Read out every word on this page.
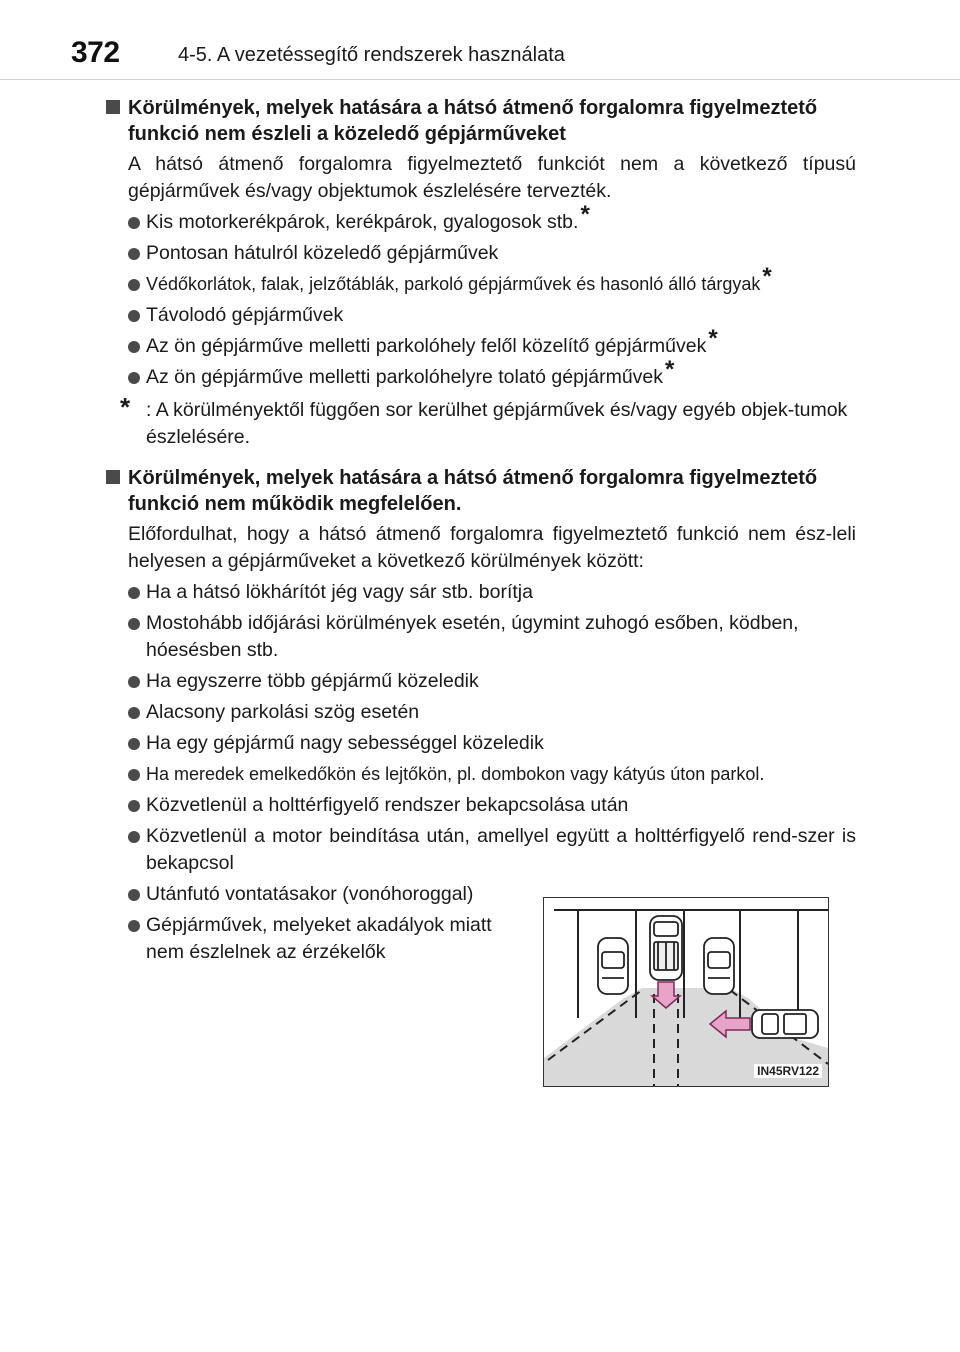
372	4-5. A vezetéssegítő rendszerek használata
Körülmények, melyek hatására a hátsó átmenő forgalomra figyelmeztető
funkció nem észleli a közeledő gépjárműveket
A hátsó átmenő forgalomra figyelmeztető funkciót nem a következő típusú gépjárművek és/vagy objektumok észlelésére tervezték.
Kis motorkerékpárok, kerékpárok, gyalogosok stb.*
Pontosan hátulról közeledő gépjárművek
Védőkorlátok, falak, jelzőtáblák, parkoló gépjárművek és hasonló álló tárgyak*
Távolodó gépjárművek
Az ön gépjárműve melletti parkolóhely felől közelítő gépjárművek*
Az ön gépjárműve melletti parkolóhelyre tolató gépjárművek*
* : A körülményektől függően sor kerülhet gépjárművek és/vagy egyéb objek-tumok észlelésére.
Körülmények, melyek hatására a hátsó átmenő forgalomra figyelmeztető
funkció nem működik megfelelően.
Előfordulhat, hogy a hátsó átmenő forgalomra figyelmeztető funkció nem ész-leli helyesen a gépjárműveket a következő körülmények között:
Ha a hátsó lökhárítót jég vagy sár stb. borítja
Mostohább időjárási körülmények esetén, úgymint zuhogó esőben, ködben, hóesésben stb.
Ha egyszerre több gépjármű közeledik
Alacsony parkolási szög esetén
Ha egy gépjármű nagy sebességgel közeledik
Ha meredek emelkedőkön és lejtőkön, pl. dombokon vagy kátyús úton parkol.
Közvetlenül a holttérfigyelő rendszer bekapcsolása után
Közvetlenül a motor beindítása után, amellyel együtt a holttérfigyelő rend-szer is bekapcsol
Utánfutó vontatásakor (vonóhoroggal)
Gépjárművek, melyeket akadályok miatt
nem észlelnek az érzékelők
IN45RV122
